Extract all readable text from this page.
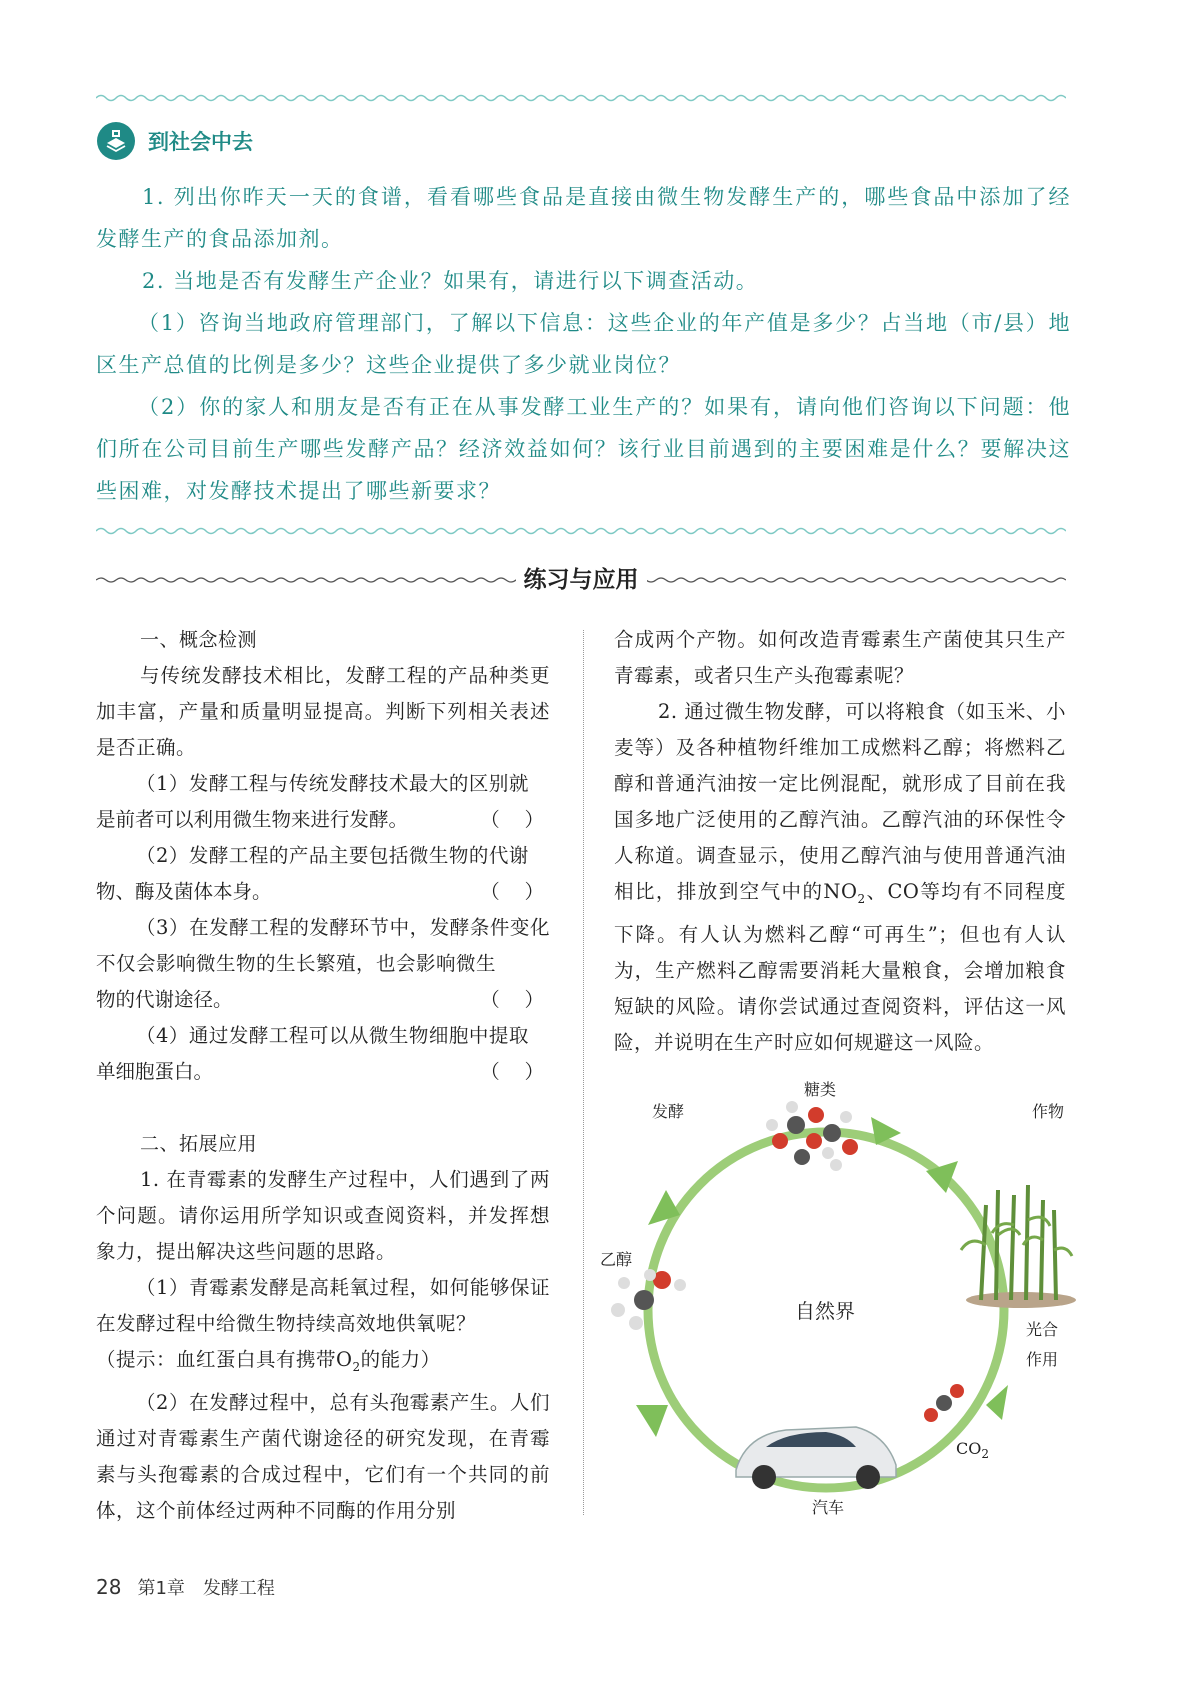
到社会中去

1. 列出你昨天一天的食谱，看看哪些食品是直接由微生物发酵生产的，哪些食品中添加了经发酵生产的食品添加剂。

2. 当地是否有发酵生产企业？如果有，请进行以下调查活动。

（1）咨询当地政府管理部门，了解以下信息：这些企业的年产值是多少？占当地（市/县）地区生产总值的比例是多少？这些企业提供了多少就业岗位？

（2）你的家人和朋友是否有正在从事发酵工业生产的？如果有，请向他们咨询以下问题：他们所在公司目前生产哪些发酵产品？经济效益如何？该行业目前遇到的主要困难是什么？要解决这些困难，对发酵技术提出了哪些新要求？

练习与应用

一、概念检测

与传统发酵技术相比，发酵工程的产品种类更加丰富，产量和质量明显提高。判断下列相关表述是否正确。

（1）发酵工程与传统发酵技术最大的区别就

是前者可以利用微生物来进行发酵。	（    ）

（2）发酵工程的产品主要包括微生物的代谢

物、酶及菌体本身。	（    ）

（3）在发酵工程的发酵环节中，发酵条件变化不仅会影响微生物的生长繁殖，也会影响微生

物的代谢途径。	（    ）

（4）通过发酵工程可以从微生物细胞中提取

单细胞蛋白。	（    ）

二、拓展应用

1. 在青霉素的发酵生产过程中，人们遇到了两个问题。请你运用所学知识或查阅资料，并发挥想象力，提出解决这些问题的思路。

（1）青霉素发酵是高耗氧过程，如何能够保证在发酵过程中给微生物持续高效地供氧呢？

（提示：血红蛋白具有携带$O_2$的能力）

（2）在发酵过程中，总有头孢霉素产生。人们通过对青霉素生产菌代谢途径的研究发现，在青霉素与头孢霉素的合成过程中，它们有一个共同的前体，这个前体经过两种不同酶的作用分别

合成两个产物。如何改造青霉素生产菌使其只生产青霉素，或者只生产头孢霉素呢？

2. 通过微生物发酵，可以将粮食（如玉米、小麦等）及各种植物纤维加工成燃料乙醇；将燃料乙醇和普通汽油按一定比例混配，就形成了目前在我国多地广泛使用的乙醇汽油。乙醇汽油的环保性令人称道。调查显示，使用乙醇汽油与使用普通汽油相比，排放到空气中的$NO_2$、CO等均有不同程度下降。有人认为燃料乙醇“可再生”；但也有人认为，生产燃料乙醇需要消耗大量粮食，会增加粮食短缺的风险。请你尝试通过查阅资料，评估这一风险，并说明在生产时应如何规避这一风险。

糖类
发酵	作物
乙醇
自然界
光合
作用
$CO_2$
汽车
28 第1章　发酵工程
